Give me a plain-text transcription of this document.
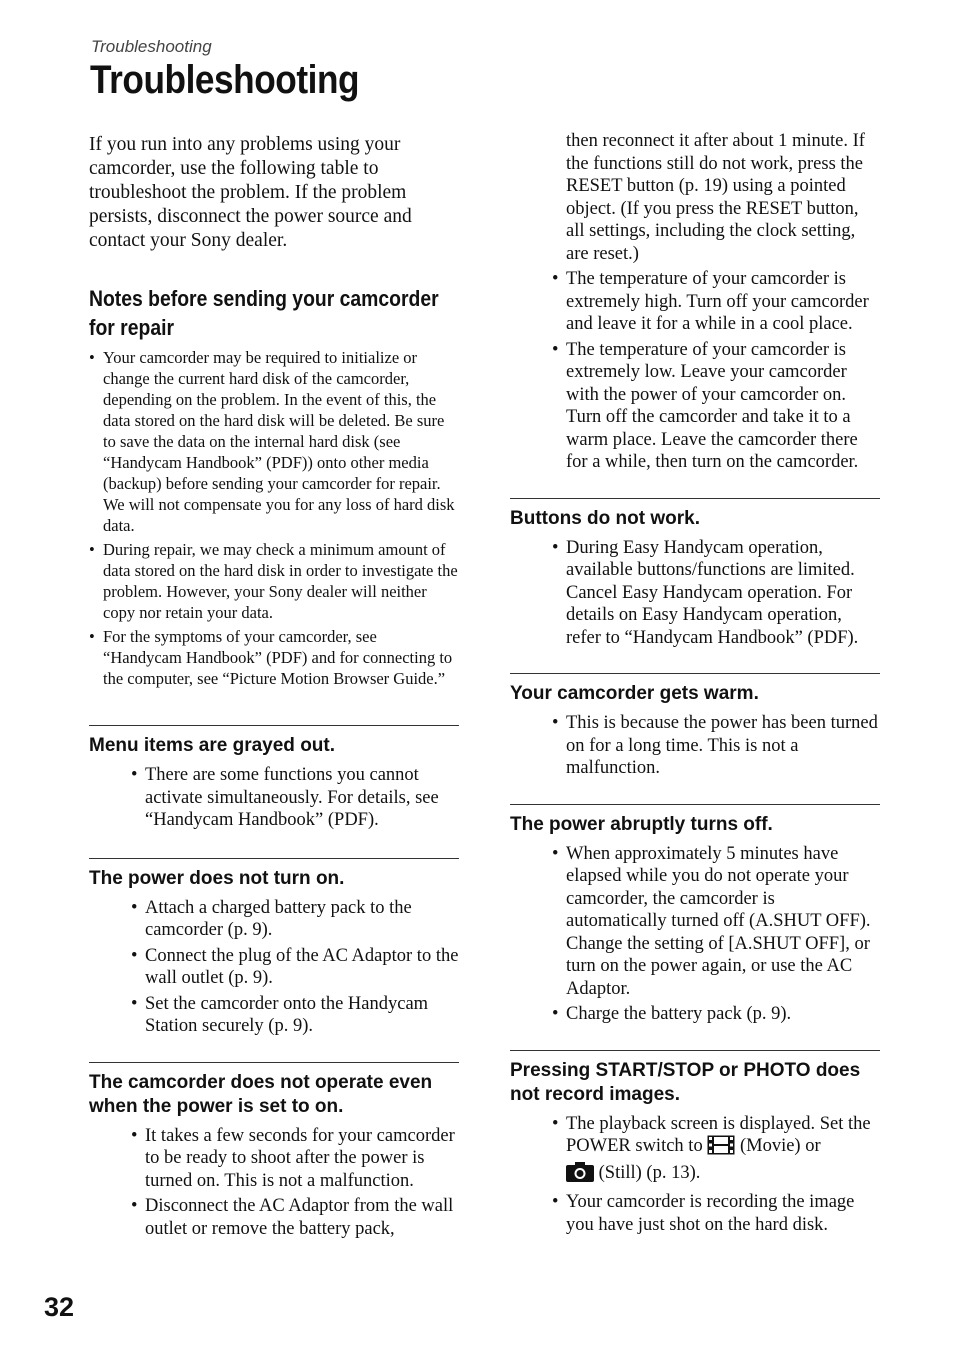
Troubleshooting
Troubleshooting

If you run into any problems using your camcorder, use the following table to troubleshoot the problem. If the problem persists, disconnect the power source and contact your Sony dealer.

Notes before sending your camcorder for repair
• Your camcorder may be required to initialize or change the current hard disk of the camcorder, depending on the problem. In the event of this, the data stored on the hard disk will be deleted. Be sure to save the data on the internal hard disk (see “Handycam Handbook” (PDF)) onto other media (backup) before sending your camcorder for repair. We will not compensate you for any loss of hard disk data.
• During repair, we may check a minimum amount of data stored on the hard disk in order to investigate the problem. However, your Sony dealer will neither copy nor retain your data.
• For the symptoms of your camcorder, see “Handycam Handbook” (PDF) and for connecting to the computer, see “Picture Motion Browser Guide.”
Menu items are grayed out.
• There are some functions you cannot activate simultaneously. For details, see “Handycam Handbook” (PDF).
The power does not turn on.
• Attach a charged battery pack to the camcorder (p. 9).
• Connect the plug of the AC Adaptor to the wall outlet (p. 9).
• Set the camcorder onto the Handycam Station securely (p. 9).
The camcorder does not operate even when the power is set to on.
• It takes a few seconds for your camcorder to be ready to shoot after the power is turned on. This is not a malfunction.
• Disconnect the AC Adaptor from the wall outlet or remove the battery pack,
then reconnect it after about 1 minute. If the functions still do not work, press the RESET button (p. 19) using a pointed object. (If you press the RESET button, all settings, including the clock setting, are reset.)
• The temperature of your camcorder is extremely high. Turn off your camcorder and leave it for a while in a cool place.
• The temperature of your camcorder is extremely low. Leave your camcorder with the power of your camcorder on. Turn off the camcorder and take it to a warm place. Leave the camcorder there for a while, then turn on the camcorder.
Buttons do not work.
• During Easy Handycam operation, available buttons/functions are limited. Cancel Easy Handycam operation. For details on Easy Handycam operation, refer to “Handycam Handbook” (PDF).
Your camcorder gets warm.
• This is because the power has been turned on for a long time. This is not a malfunction.
The power abruptly turns off.
• When approximately 5 minutes have elapsed while you do not operate your camcorder, the camcorder is automatically turned off (A.SHUT OFF). Change the setting of [A.SHUT OFF], or turn on the power again, or use the AC Adaptor.
• Charge the battery pack (p. 9).
Pressing START/STOP or PHOTO does not record images.
• The playback screen is displayed. Set the POWER switch to (Movie) or
(Still) (p. 13).
• Your camcorder is recording the image you have just shot on the hard disk.
32
